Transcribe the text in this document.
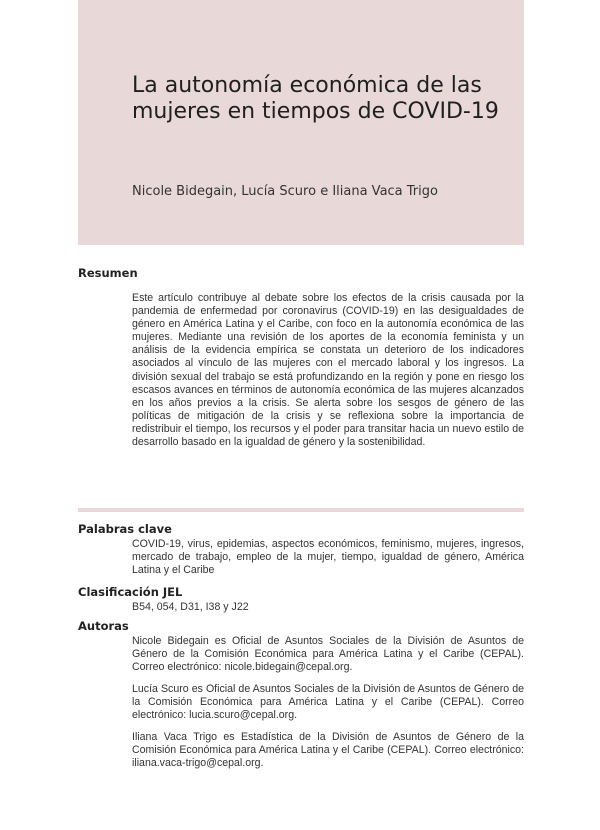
La autonomía económica de las mujeres en tiempos de COVID-19
Nicole Bidegain, Lucía Scuro e Iliana Vaca Trigo
Resumen

Este artículo contribuye al debate sobre los efectos de la crisis causada por la pandemia de enfermedad por coronavirus (COVID-19) en las desigualdades de género en América Latina y el Caribe, con foco en la autonomía económica de las mujeres. Mediante una revisión de los aportes de la economía feminista y un análisis de la evidencia empírica se constata un deterioro de los indicadores asociados al vínculo de las mujeres con el mercado laboral y los ingresos. La división sexual del trabajo se está profundizando en la región y pone en riesgo los escasos avances en términos de autonomía económica de las mujeres alcanzados en los años previos a la crisis. Se alerta sobre los sesgos de género de las políticas de mitigación de la crisis y se reflexiona sobre la importancia de redistribuir el tiempo, los recursos y el poder para transitar hacia un nuevo estilo de desarrollo basado en la igualdad de género y la sostenibilidad.

Palabras clave

COVID-19, virus, epidemias, aspectos económicos, feminismo, mujeres, ingresos, mercado de trabajo, empleo de la mujer, tiempo, igualdad de género, América Latina y el Caribe

Clasificación JEL

B54, 054, D31, I38 y J22

Autoras

Nicole Bidegain es Oficial de Asuntos Sociales de la División de Asuntos de Género de la Comisión Económica para América Latina y el Caribe (CEPAL). Correo electrónico: nicole.bidegain@cepal.org.

Lucía Scuro es Oficial de Asuntos Sociales de la División de Asuntos de Género de la Comisión Económica para América Latina y el Caribe (CEPAL). Correo electrónico: lucia.scuro@cepal.org.

Iliana Vaca Trigo es Estadística de la División de Asuntos de Género de la Comisión Económica para América Latina y el Caribe (CEPAL). Correo electrónico: iliana.vaca-trigo@cepal.org.
